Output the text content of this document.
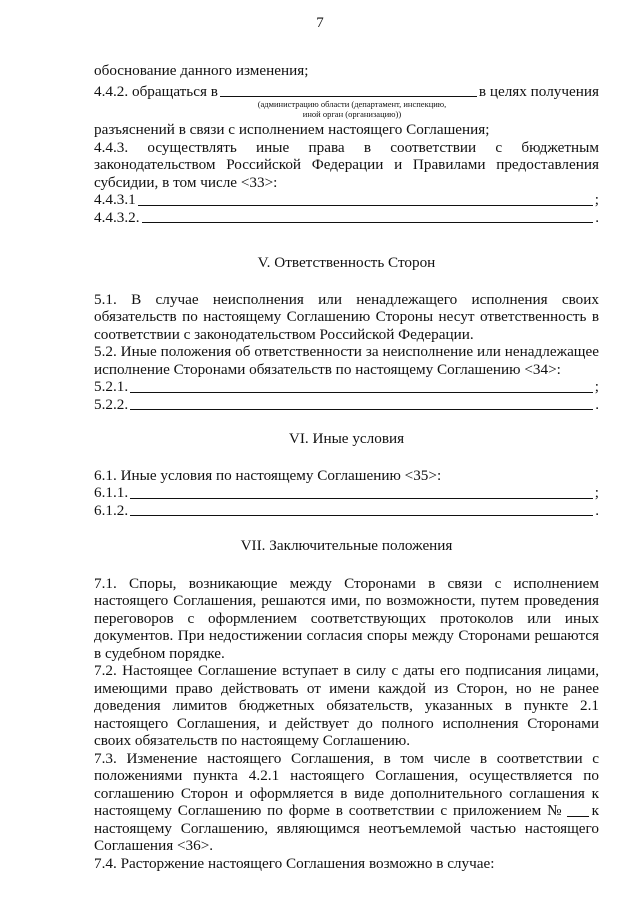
7

обоснование данного изменения;

4.4.2. обращаться в	в целях получения

(администрацию области (департамент, инспекцию, иной орган (организацию))

разъяснений в связи с исполнением настоящего Соглашения;

4.4.3. осуществлять иные права в соответствии с бюджетным

законодательством Российской Федерации и Правилами предоставления субсидии, в том числе <33>:

4.4.3.1	;
4.4.3.2.	.

V. Ответственность Сторон

5.1. В случае неисполнения или ненадлежащего исполнения своих обязательств по настоящему Соглашению Стороны несут ответственность в соответствии с законодательством Российской Федерации.

5.2. Иные положения об ответственности за неисполнение или ненадлежащее исполнение Сторонами обязательств по настоящему Соглашению <34>:

5.2.1.	;
5.2.2.	.

VI. Иные условия

6.1. Иные условия по настоящему Соглашению <35>:

6.1.1.	;
6.1.2.	.

VII. Заключительные положения

7.1. Споры, возникающие между Сторонами в связи с исполнением настоящего Соглашения, решаются ими, по возможности, путем проведения переговоров с оформлением соответствующих протоколов или иных документов. При недостижении согласия споры между Сторонами решаются в судебном порядке.

7.2. Настоящее Соглашение вступает в силу с даты его подписания лицами, имеющими право действовать от имени каждой из Сторон, но не ранее доведения лимитов бюджетных обязательств, указанных в пункте 2.1 настоящего Соглашения, и действует до полного исполнения Сторонами своих обязательств по настоящему Соглашению.

7.3. Изменение настоящего Соглашения, в том числе в соответствии с положениями пункта 4.2.1 настоящего Соглашения, осуществляется по соглашению Сторон и оформляется в виде дополнительного соглашения к настоящему Соглашению по форме в соответствии с приложением № к настоящему Соглашению, являющимся неотъемлемой частью настоящего Соглашения <36>.

7.4. Расторжение настоящего Соглашения возможно в случае:
